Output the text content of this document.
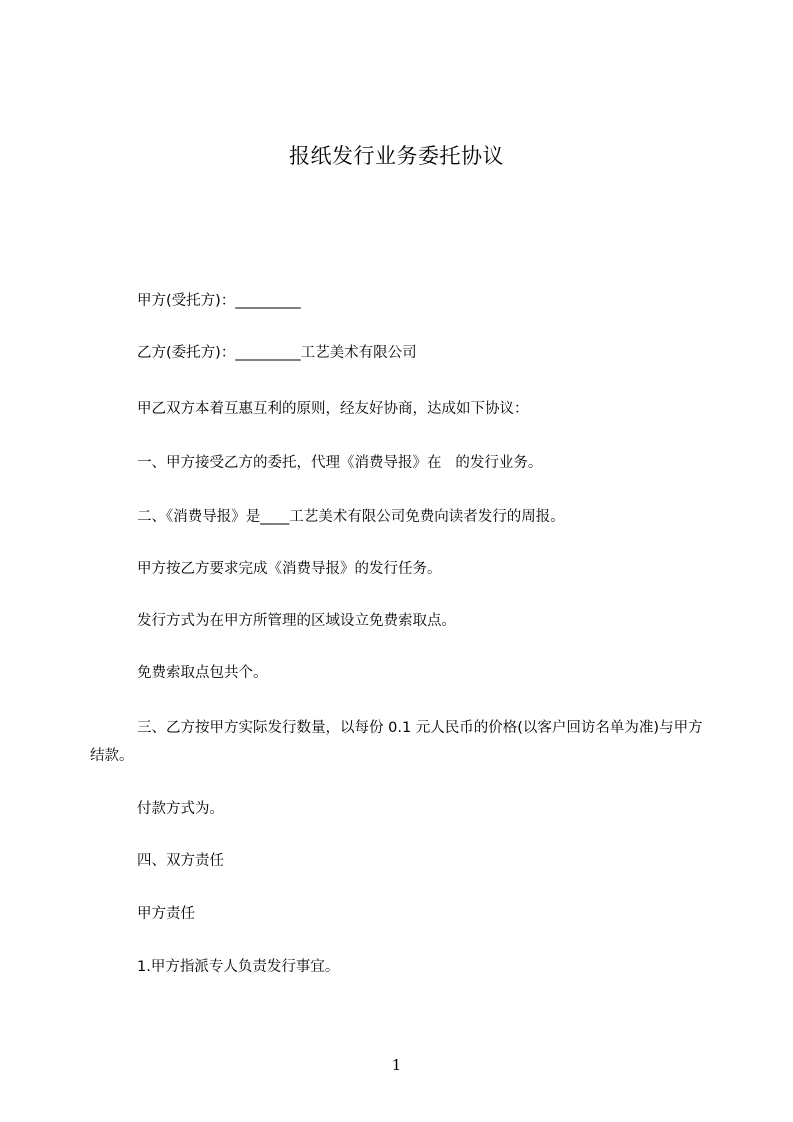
报纸发行业务委托协议
甲方(受托方)：_________
乙方(委托方)：_________工艺美术有限公司
甲乙双方本着互惠互利的原则，经友好协商，达成如下协议：
一、甲方接受乙方的委托，代理《消费导报》在   的发行业务。
二、《消费导报》是____工艺美术有限公司免费向读者发行的周报。
甲方按乙方要求完成《消费导报》的发行任务。
发行方式为在甲方所管理的区域设立免费索取点。
免费索取点包共个。
三、乙方按甲方实际发行数量，以每份 0.1 元人民币的价格(以客户回访名单为准)与甲方结款。
付款方式为。
四、双方责任
甲方责任
1.甲方指派专人负责发行事宜。
1
